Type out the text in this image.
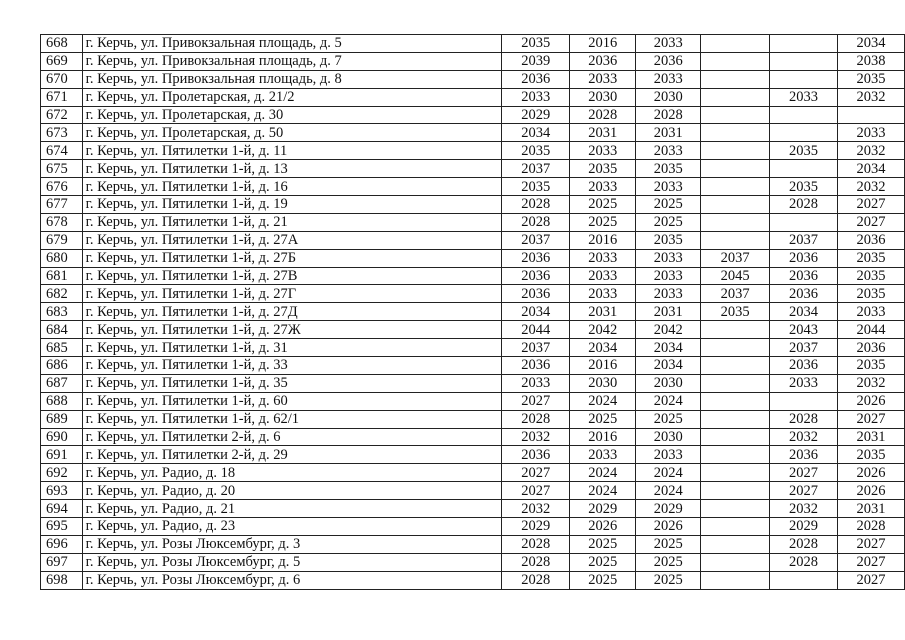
668	г. Керчь, ул. Привокзальная площадь, д. 5	2035	2016	2033			2034
669	г. Керчь, ул. Привокзальная площадь, д. 7	2039	2036	2036			2038
670	г. Керчь, ул. Привокзальная площадь, д. 8	2036	2033	2033			2035
671	г. Керчь, ул. Пролетарская, д. 21/2	2033	2030	2030		2033	2032
672	г. Керчь, ул. Пролетарская, д. 30	2029	2028	2028			
673	г. Керчь, ул. Пролетарская, д. 50	2034	2031	2031			2033
674	г. Керчь, ул. Пятилетки 1-й, д. 11	2035	2033	2033		2035	2032
675	г. Керчь, ул. Пятилетки 1-й, д. 13	2037	2035	2035			2034
676	г. Керчь, ул. Пятилетки 1-й, д. 16	2035	2033	2033		2035	2032
677	г. Керчь, ул. Пятилетки 1-й, д. 19	2028	2025	2025		2028	2027
678	г. Керчь, ул. Пятилетки 1-й, д. 21	2028	2025	2025			2027
679	г. Керчь, ул. Пятилетки 1-й, д. 27А	2037	2016	2035		2037	2036
680	г. Керчь, ул. Пятилетки 1-й, д. 27Б	2036	2033	2033	2037	2036	2035
681	г. Керчь, ул. Пятилетки 1-й, д. 27В	2036	2033	2033	2045	2036	2035
682	г. Керчь, ул. Пятилетки 1-й, д. 27Г	2036	2033	2033	2037	2036	2035
683	г. Керчь, ул. Пятилетки 1-й, д. 27Д	2034	2031	2031	2035	2034	2033
684	г. Керчь, ул. Пятилетки 1-й, д. 27Ж	2044	2042	2042		2043	2044
685	г. Керчь, ул. Пятилетки 1-й, д. 31	2037	2034	2034		2037	2036
686	г. Керчь, ул. Пятилетки 1-й, д. 33	2036	2016	2034		2036	2035
687	г. Керчь, ул. Пятилетки 1-й, д. 35	2033	2030	2030		2033	2032
688	г. Керчь, ул. Пятилетки 1-й, д. 60	2027	2024	2024			2026
689	г. Керчь, ул. Пятилетки 1-й, д. 62/1	2028	2025	2025		2028	2027
690	г. Керчь, ул. Пятилетки 2-й, д. 6	2032	2016	2030		2032	2031
691	г. Керчь, ул. Пятилетки 2-й, д. 29	2036	2033	2033		2036	2035
692	г. Керчь, ул. Радио, д. 18	2027	2024	2024		2027	2026
693	г. Керчь, ул. Радио, д. 20	2027	2024	2024		2027	2026
694	г. Керчь, ул. Радио, д. 21	2032	2029	2029		2032	2031
695	г. Керчь, ул. Радио, д. 23	2029	2026	2026		2029	2028
696	г. Керчь, ул. Розы Люксембург, д. 3	2028	2025	2025		2028	2027
697	г. Керчь, ул. Розы Люксембург, д. 5	2028	2025	2025		2028	2027
698	г. Керчь, ул. Розы Люксембург, д. 6	2028	2025	2025			2027
